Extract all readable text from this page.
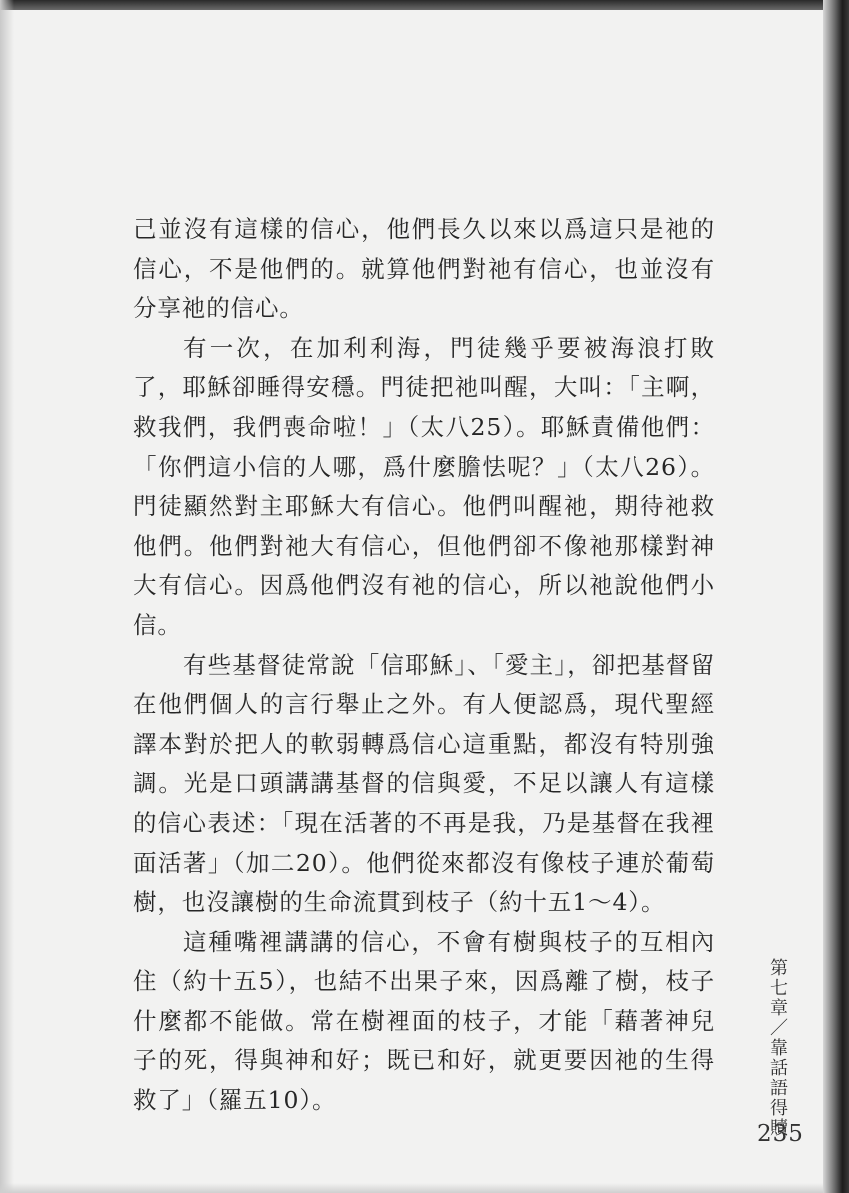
己並沒有這樣的信心，他們長久以來以爲這只是祂的信心，不是他們的。就算他們對祂有信心，也並沒有分享祂的信心。

有一次，在加利利海，門徒幾乎要被海浪打敗了，耶穌卻睡得安穩。門徒把祂叫醒，大叫：「主啊，救我們，我們喪命啦！」（太八25）。耶穌責備他們：「你們這小信的人哪，爲什麼膽怯呢？」（太八26）。門徒顯然對主耶穌大有信心。他們叫醒祂，期待祂救他們。他們對祂大有信心，但他們卻不像祂那樣對神大有信心。因爲他們沒有祂的信心，所以祂說他們小信。

有些基督徒常說「信耶穌」、「愛主」，卻把基督留在他們個人的言行舉止之外。有人便認爲，現代聖經譯本對於把人的軟弱轉爲信心這重點，都沒有特別強調。光是口頭講講基督的信與愛，不足以讓人有這樣的信心表述：「現在活著的不再是我，乃是基督在我裡面活著」（加二20）。他們從來都沒有像枝子連於葡萄樹，也沒讓樹的生命流貫到枝子（約十五1～4）。

這種嘴裡講講的信心，不會有樹與枝子的互相內住（約十五5），也結不出果子來，因爲離了樹，枝子什麼都不能做。常在樹裡面的枝子，才能「藉著神兒子的死，得與神和好；既已和好，就更要因祂的生得救了」（羅五10）。	第七章／靠話語得贖
235
